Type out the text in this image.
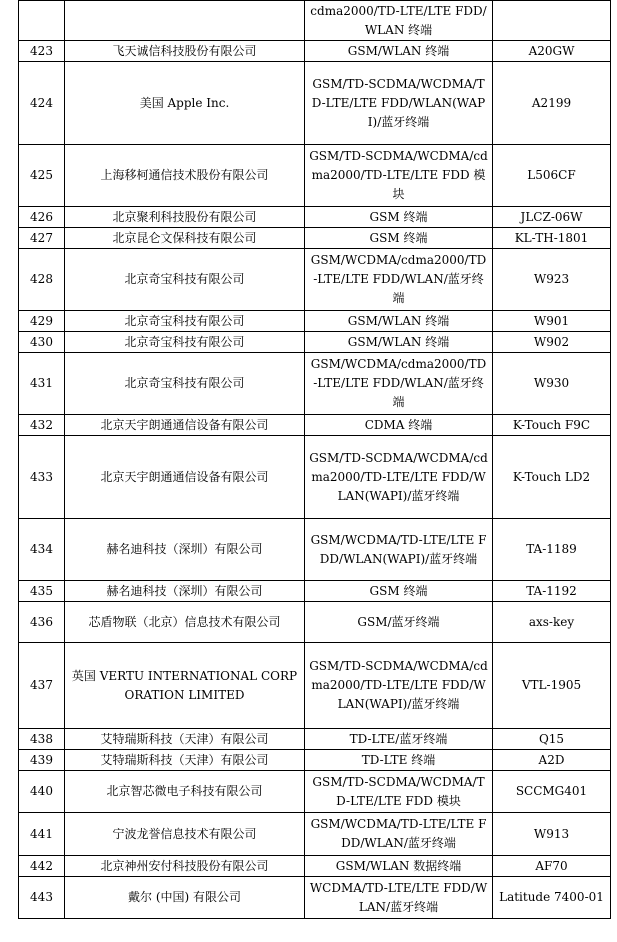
		cdma2000/TD-LTE/LTE FDD/WLAN 终端	
423	飞天诚信科技股份有限公司	GSM/WLAN 终端	A20GW
424	美国 Apple Inc.	GSM/TD-SCDMA/WCDMA/TD-LTE/LTE FDD/WLAN(WAPI)/蓝牙终端	A2199
425	上海移柯通信技术股份有限公司	GSM/TD-SCDMA/WCDMA/cdma2000/TD-LTE/LTE FDD 模块	L506CF
426	北京聚利科技股份有限公司	GSM 终端	JLCZ-06W
427	北京昆仑文保科技有限公司	GSM 终端	KL-TH-1801
428	北京奇宝科技有限公司	GSM/WCDMA/cdma2000/TD-LTE/LTE FDD/WLAN/蓝牙终端	W923
429	北京奇宝科技有限公司	GSM/WLAN 终端	W901
430	北京奇宝科技有限公司	GSM/WLAN 终端	W902
431	北京奇宝科技有限公司	GSM/WCDMA/cdma2000/TD-LTE/LTE FDD/WLAN/蓝牙终端	W930
432	北京天宇朗通通信设备有限公司	CDMA 终端	K-Touch F9C
433	北京天宇朗通通信设备有限公司	GSM/TD-SCDMA/WCDMA/cdma2000/TD-LTE/LTE FDD/WLAN(WAPI)/蓝牙终端	K-Touch LD2
434	赫名迪科技（深圳）有限公司	GSM/WCDMA/TD-LTE/LTE FDD/WLAN(WAPI)/蓝牙终端	TA-1189
435	赫名迪科技（深圳）有限公司	GSM 终端	TA-1192
436	芯盾物联（北京）信息技术有限公司	GSM/蓝牙终端	axs-key
437	英国 VERTU INTERNATIONAL CORPORATION LIMITED	GSM/TD-SCDMA/WCDMA/cdma2000/TD-LTE/LTE FDD/WLAN(WAPI)/蓝牙终端	VTL-1905
438	艾特瑞斯科技（天津）有限公司	TD-LTE/蓝牙终端	Q15
439	艾特瑞斯科技（天津）有限公司	TD-LTE 终端	A2D
440	北京智芯微电子科技有限公司	GSM/TD-SCDMA/WCDMA/TD-LTE/LTE FDD 模块	SCCMG401
441	宁波龙誉信息技术有限公司	GSM/WCDMA/TD-LTE/LTE FDD/WLAN/蓝牙终端	W913
442	北京神州安付科技股份有限公司	GSM/WLAN 数据终端	AF70
443	戴尔 (中国) 有限公司	WCDMA/TD-LTE/LTE FDD/WLAN/蓝牙终端	Latitude 7400-01
